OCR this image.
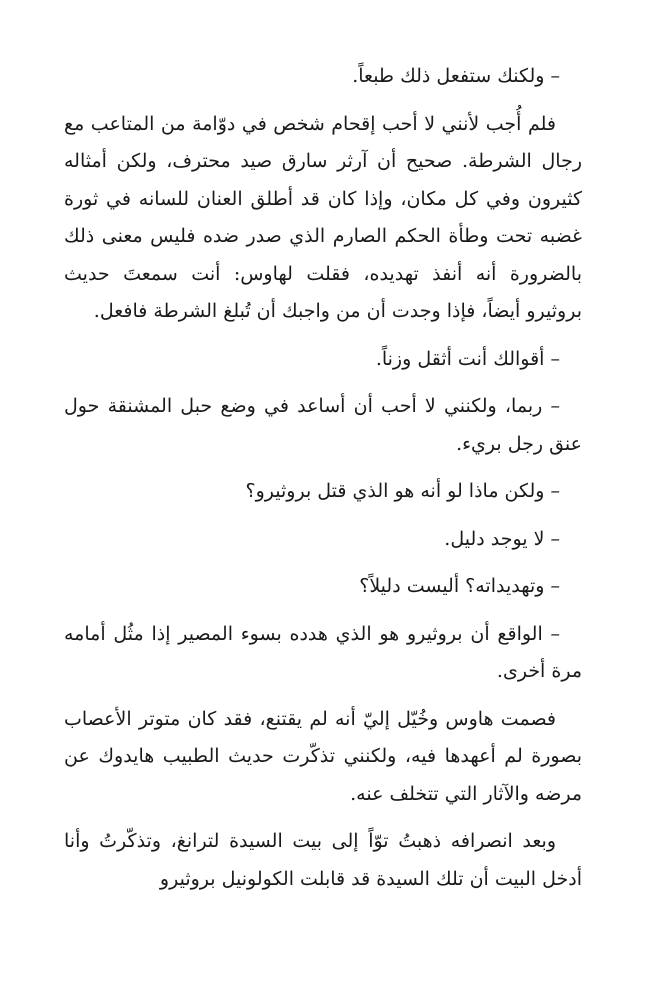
– ولكنك ستفعل ذلك طبعاً.

فلم أُجب لأنني لا أحب إقحام شخص في دوّامة من المتاعب مع رجال الشرطة. صحيح أن آرثر سارق صيد محترف، ولكن أمثاله كثيرون وفي كل مكان، وإذا كان قد أطلق العنان للسانه في ثورة غضبه تحت وطأة الحكم الصارم الذي صدر ضده فليس معنى ذلك بالضرورة أنه أنفذ تهديده، فقلت لهاوس: أنت سمعتَ حديث بروثيرو أيضاً، فإذا وجدت أن من واجبك أن تُبلغ الشرطة فافعل.

– أقوالك أنت أثقل وزناً.

– ربما، ولكنني لا أحب أن أساعد في وضع حبل المشنقة حول عنق رجل بريء.

– ولكن ماذا لو أنه هو الذي قتل بروثيرو؟

– لا يوجد دليل.

– وتهديداته؟ أليست دليلاً؟

– الواقع أن بروثيرو هو الذي هدده بسوء المصير إذا مثُل أمامه مرة أخرى.

فصمت هاوس وخُيّل إليّ أنه لم يقتنع، فقد كان متوتر الأعصاب بصورة لم أعهدها فيه، ولكنني تذكّرت حديث الطبيب هايدوك عن مرضه والآثار التي تتخلف عنه.

وبعد انصرافه ذهبتُ توّاً إلى بيت السيدة لترانغ، وتذكّرتُ وأنا أدخل البيت أن تلك السيدة قد قابلت الكولونيل بروثيرو
